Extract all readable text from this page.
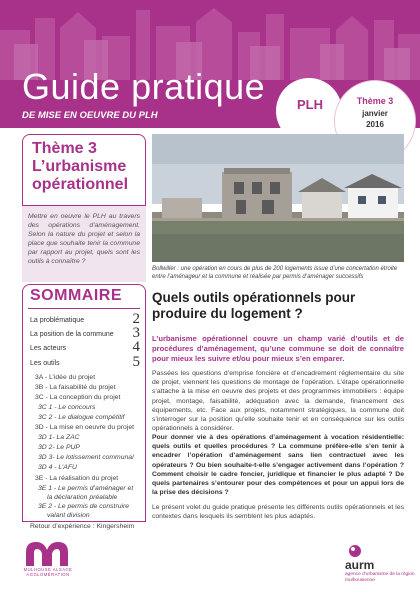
Guide pratique
DE MISE EN OEUVRE DU PLH
PLH	Thème 3
janvier
2016
Thème 3
L’urbanisme
opérationnel
Mettre en oeuvre le PLH au travers des opérations d’aménagement. Selon la nature du projet et selon la place que souhaite tenir la commune par rapport au projet, quels sont les outils à connaître ?
Bollwiller : une opération en cours de plus de 200 logements issue d’une concertation étroite entre l’aménageur et la commune et réalisée par permis d’aménager successifs
SOMMAIRE
La problématique	2
La position de la commune 3
Les acteurs	4
Les outils	5
3A - L’idée du projet
3B - La faisabilité du projet
3C - La conception du projet
3C 1 - Le concours
3C 2 - Le dialogue compétitif
3D - La mise en oeuvre du projet
3D 1- La ZAC
3D 2- Le PUP
3D 3- Le lotissement communal
3D 4 - L’AFU
3E - La réalisation du projet
3E 1 - Le permis d’aménager et
la déclaration préalable
3E 2 - Le permis de construire
valant division
Retour d’expérience : Kingersheim
Quels outils opérationnels pour produire du logement ?
L’urbanisme opérationnel couvre un champ varié d’outils et de procédures d’aménagement, qu’une commune se doit de connaître pour mieux les suivre et/ou pour mieux s’en emparer.
Passées les questions d’emprise foncière et d’encadrement réglementaire du site de projet, viennent les questions de montage de l’opération. L’étape opérationnelle s’attache à la mise en oeuvre des projets et des programmes immobiliers : équipe projet, montage, faisabilité, adéquation avec la demande, financement des équipements, etc. Face aux projets, notamment stratégiques, la commune doit s’interroger sur la position qu’elle souhaite tenir et en conséquence sur les outils opérationnels à considérer.
Pour donner vie à des opérations d’aménagement à vocation résidentielle: quels outils et quelles procédures ? La commune préfère-elle s’en tenir à encadrer l’opération d’aménagement sans lien contractuel avec les opérateurs ? Ou bien souhaite-t-elle s’engager activement dans l’opération ? Comment choisir le cadre foncier, juridique et financier le plus adapté ? De quels partenaires s’entourer pour des compétences et pour un appui lors de la prise des décisions ?
Le présent volet du guide pratique présente les différents outils opérationnels et les contextes dans lesquels ils semblent les plus adaptés.
MULHOUSE ALSACE
AGGLOMÉRATION
aurm
agence d’urbanisme de la région mulhousienne
